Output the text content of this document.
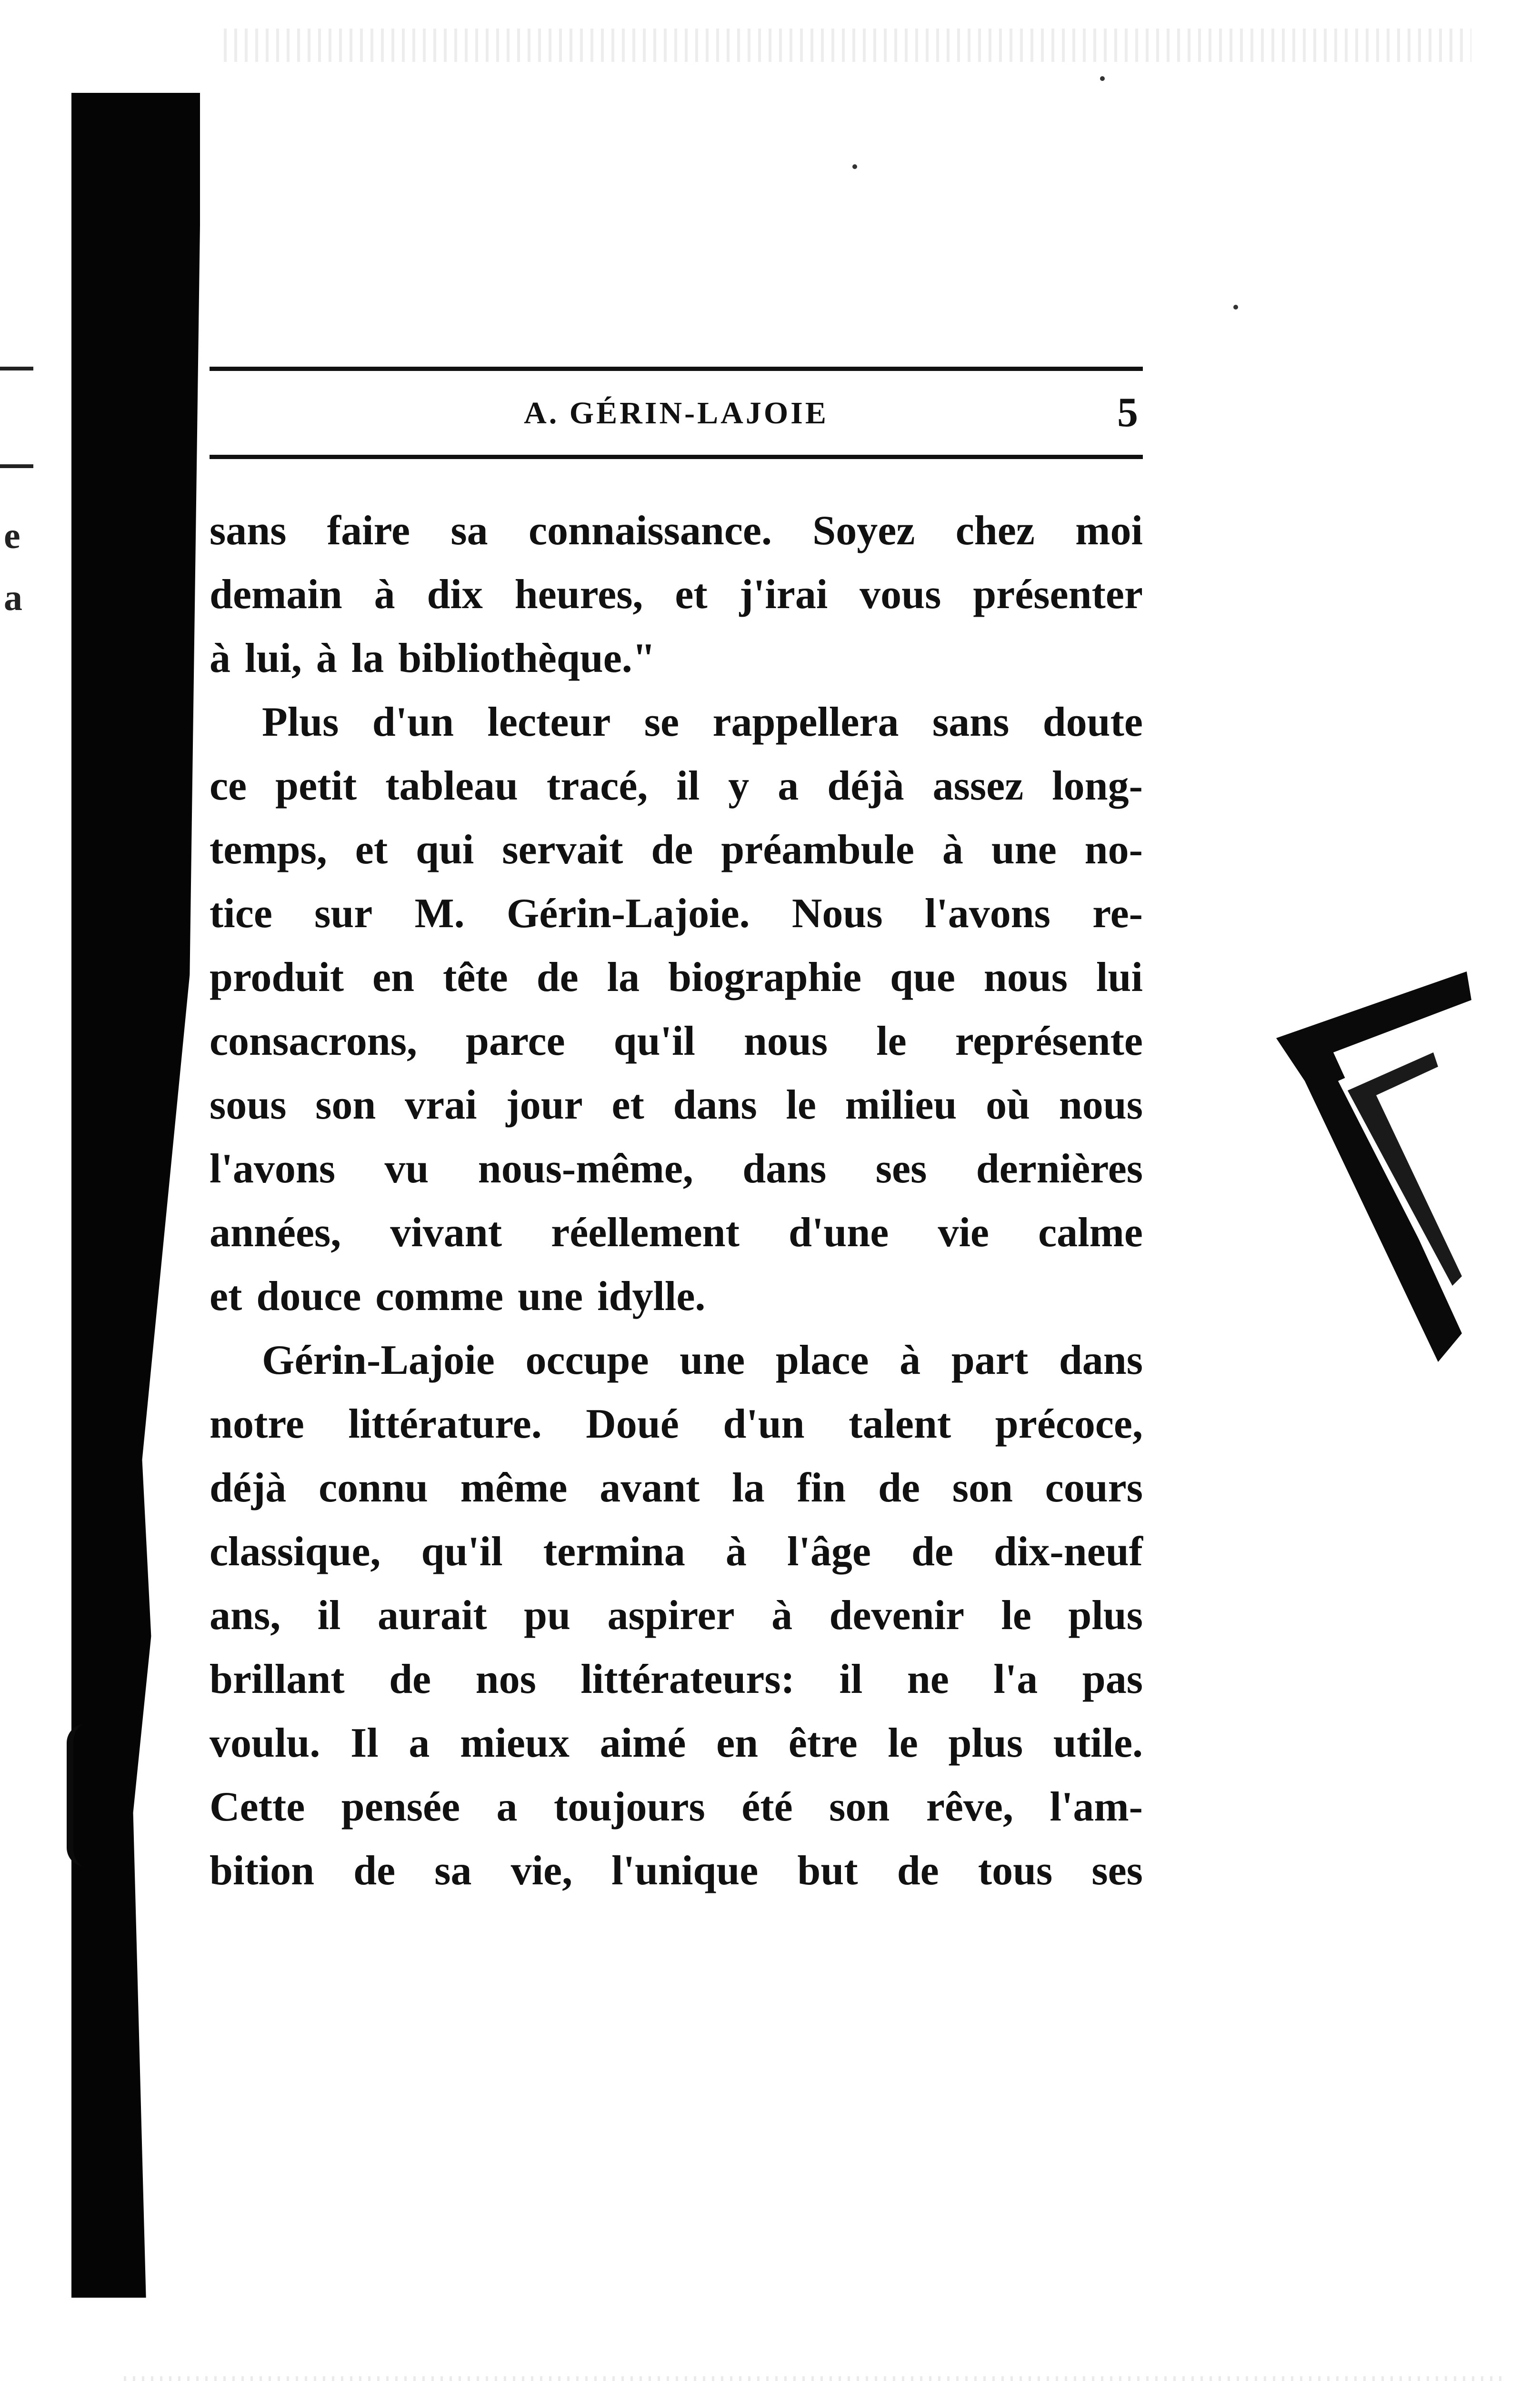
e
a
A. GÉRIN-LAJOIE	5
sans faire sa connaissance. Soyez chez moi
demain à dix heures, et j'irai vous présenter
à lui, à la bibliothèque."
Plus d'un lecteur se rappellera sans doute
ce petit tableau tracé, il y a déjà assez long-
temps, et qui servait de préambule à une no-
tice sur M. Gérin-Lajoie. Nous l'avons re-
produit en tête de la biographie que nous lui
consacrons, parce qu'il nous le représente
sous son vrai jour et dans le milieu où nous
l'avons vu nous-même, dans ses dernières
années, vivant réellement d'une vie calme
et douce comme une idylle.
Gérin-Lajoie occupe une place à part dans
notre littérature. Doué d'un talent précoce,
déjà connu même avant la fin de son cours
classique, qu'il termina à l'âge de dix-neuf
ans, il aurait pu aspirer à devenir le plus
brillant de nos littérateurs: il ne l'a pas
voulu. Il a mieux aimé en être le plus utile.
Cette pensée a toujours été son rêve, l'am-
bition de sa vie, l'unique but de tous ses
